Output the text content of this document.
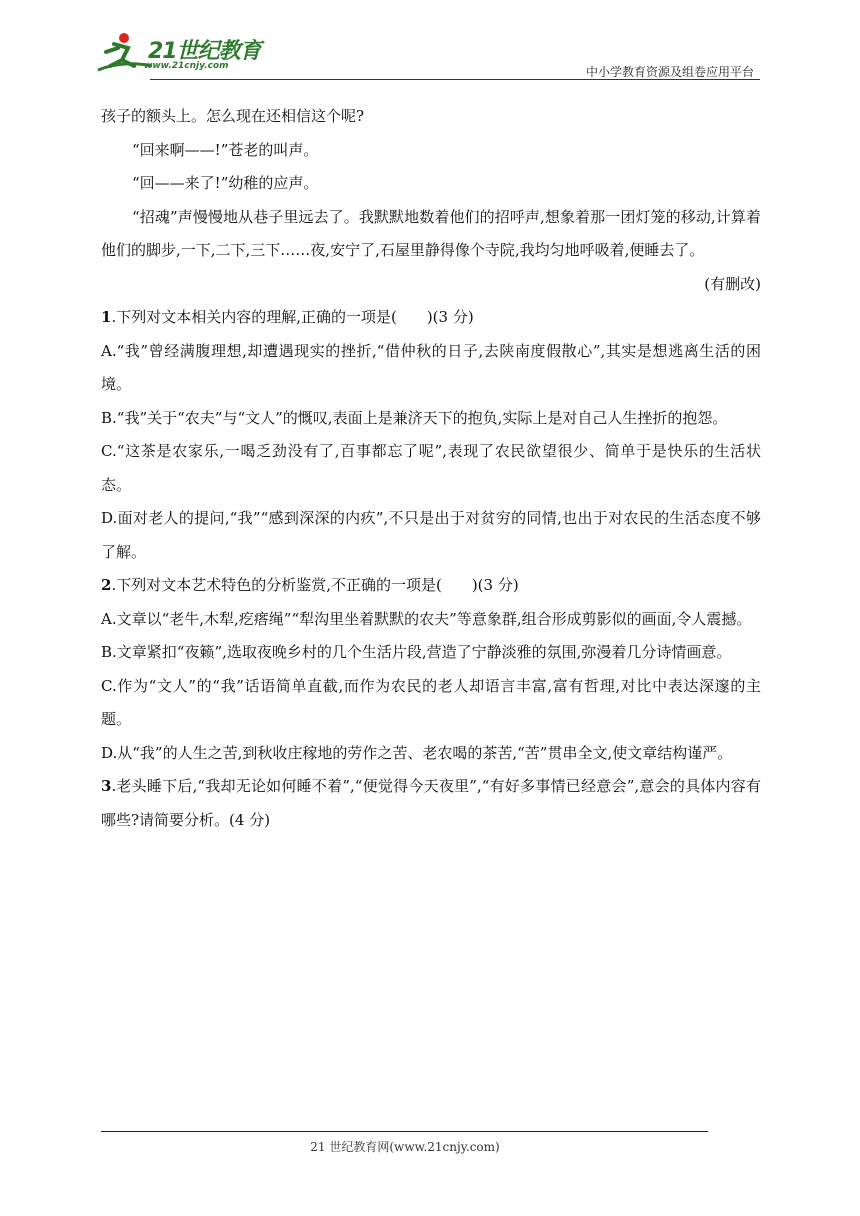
21世纪教育
www.21cnjy.com	中小学教育资源及组卷应用平台

孩子的额头上。怎么现在还相信这个呢?

“回来啊——!”苍老的叫声。

“回——来了!”幼稚的应声。

“招魂”声慢慢地从巷子里远去了。我默默地数着他们的招呼声,想象着那一团灯笼的移动,计算着他们的脚步,一下,二下,三下……夜,安宁了,石屋里静得像个寺院,我均匀地呼吸着,便睡去了。

(有删改)

1.下列对文本相关内容的理解,正确的一项是(　　)(3 分)

A.“我”曾经满腹理想,却遭遇现实的挫折,“借仲秋的日子,去陕南度假散心”,其实是想逃离生活的困境。

B.“我”关于“农夫”与“文人”的慨叹,表面上是兼济天下的抱负,实际上是对自己人生挫折的抱怨。

C.“这茶是农家乐,一喝乏劲没有了,百事都忘了呢”,表现了农民欲望很少、简单于是快乐的生活状态。

D.面对老人的提问,“我”“感到深深的内疚”,不只是出于对贫穷的同情,也出于对农民的生活态度不够了解。

2.下列对文本艺术特色的分析鉴赏,不正确的一项是(　　)(3 分)

A.文章以“老牛,木犁,疙瘩绳”“犁沟里坐着默默的农夫”等意象群,组合形成剪影似的画面,令人震撼。

B.文章紧扣“夜籁”,选取夜晚乡村的几个生活片段,营造了宁静淡雅的氛围,弥漫着几分诗情画意。

C.作为“文人”的“我”话语简单直截,而作为农民的老人却语言丰富,富有哲理,对比中表达深邃的主题。

D.从“我”的人生之苦,到秋收庄稼地的劳作之苦、老农喝的茶苦,“苦”贯串全文,使文章结构谨严。

3.老头睡下后,“我却无论如何睡不着”,“便觉得今天夜里”,“有好多事情已经意会”,意会的具体内容有哪些?请简要分析。(4 分)

21 世纪教育网(www.21cnjy.com)
